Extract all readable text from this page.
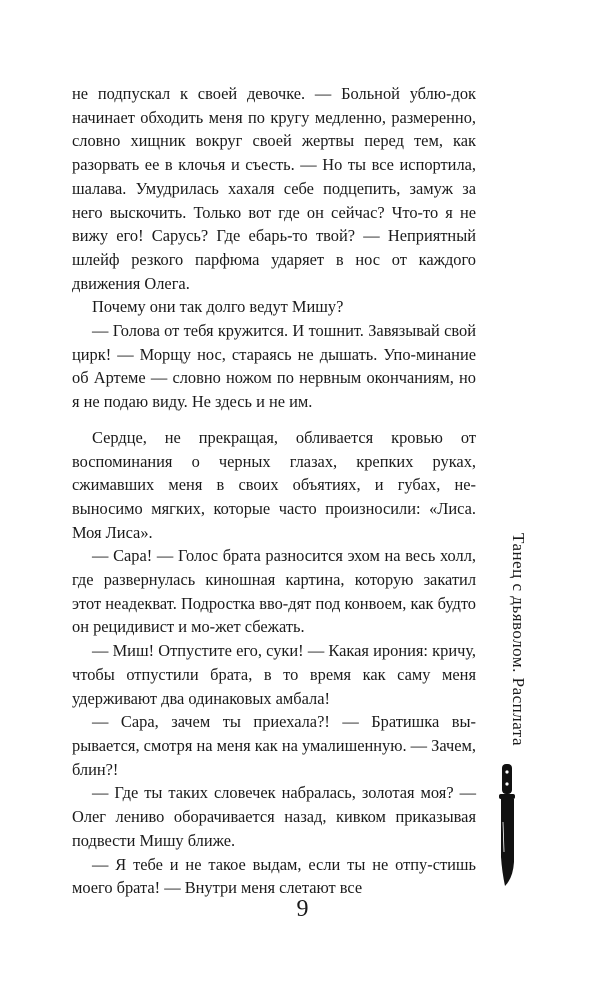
не подпускал к своей девочке. — Больной ублю-док начинает обходить меня по кругу медленно, размеренно, словно хищник вокруг своей жертвы перед тем, как разорвать ее в клочья и съесть. — Но ты все испортила, шалава. Умудрилась хахаля себе подцепить, замуж за него выскочить. Только вот где он сейчас? Что-то я не вижу его! Сарусь? Где ебарь-то твой? — Неприятный шлейф резкого парфюма ударяет в нос от каждого движения Олега.

Почему они так долго ведут Мишу?

— Голова от тебя кружится. И тошнит. Завязывай свой цирк! — Морщу нос, стараясь не дышать. Упо-минание об Артеме — словно ножом по нервным окончаниям, но я не подаю виду. Не здесь и не им.

Сердце, не прекращая, обливается кровью от воспоминания о черных глазах, крепких руках, сжимавших меня в своих объятиях, и губах, не-выносимо мягких, которые часто произносили: «Лиса. Моя Лиса».

— Сара! — Голос брата разносится эхом на весь холл, где развернулась киношная картина, которую закатил этот неадекват. Подростка вво-дят под конвоем, как будто он рецидивист и мо-жет сбежать.

— Миш! Отпустите его, суки! — Какая ирония: кричу, чтобы отпустили брата, в то время как саму меня удерживают два одинаковых амбала!

— Сара, зачем ты приехала?! — Братишка вы-рывается, смотря на меня как на умалишенную. — Зачем, блин?!

— Где ты таких словечек набралась, золотая моя? — Олег лениво оборачивается назад, кивком приказывая подвести Мишу ближе.

— Я тебе и не такое выдам, если ты не отпу-стишь моего брата! — Внутри меня слетают все

Танец с дьяволом. Расплата
9
